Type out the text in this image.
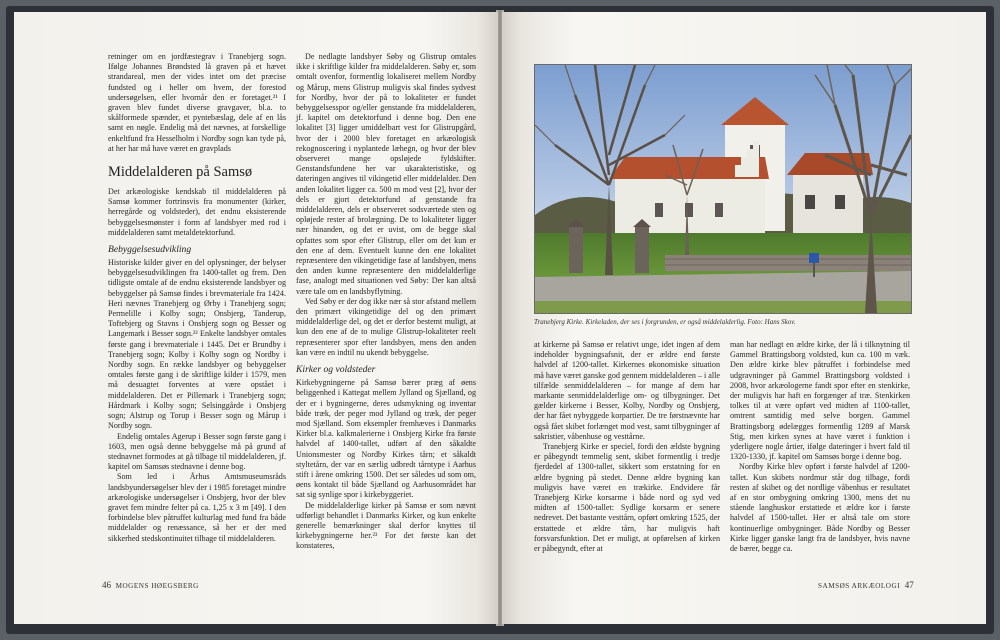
retninger om en jordfæstegrav i Tranebjerg sogn. Ifølge Johannes Brøndsted lå graven på et hævet strandareal, men der vides intet om det præcise fundsted og i heller om hvem, der forestod undersøgelsen, eller hvornår den er foretaget.²¹ I graven blev fundet diverse gravgaver, bl.a. to skålformede spænder, et pyntebæslag, dele af en lås samt en nøgle. Endelig må det nævnes, at forskellige enkeltfund fra Hesselholm i Nordby sogn kan tyde på, at her har må have været en gravplads

Middelalderen på Samsø

Det arkæologiske kendskab til middelalderen på Samsø kommer fortrinsvis fra monumenter (kirker, herregårde og voldsteder), det endnu eksisterende bebyggelsesmønster i form af landsbyer med rod i middelalderen samt metaldetektorfund.

Bebyggelsesudvikling

Historiske kilder giver en del oplysninger, der belyser bebyggelsesudviklingen fra 1400-tallet og frem. Den tidligste omtale af de endnu eksisterende landsbyer og bebyggelser på Samsø findes i brevmateriale fra 1424. Heri nævnes Tranebjerg og Ørby i Tranebjerg sogn; Permelille i Kolby sogn; Onsbjerg, Tanderup, Toftebjerg og Stavns i Onsbjerg sogn og Besser og Langemark i Besser sogn.²² Enkelte landsbyer omtales første gang i brevmateriale i 1445. Det er Brundby i Tranebjerg sogn; Kolby i Kolby sogn og Nordby i Nordby sogn. En række landsbyer og bebyggelser omtales første gang i de skriftlige kilder i 1579, men må desuagtet forventes at være opstået i middelalderen. Det er Pillemark i Tranebjerg sogn; Hårdmark i Kolby sogn; Selsinggårde i Onsbjerg sogn; Alstrup og Torup i Besser sogn og Mårup i Nordby sogn.

Endelig omtales Agerup i Besser sogn første gang i 1603, men også denne bebyggelse må på grund af stednavnet formodes at gå tilbage til middelalderen, jf. kapitel om Samsøs stednavne i denne bog.

Som led i Århus Amtsmuseumsråds landsbyundersøgelser blev der i 1985 foretaget mindre arkæologiske undersøgelser i Onsbjerg, hvor der blev gravet fem mindre felter på ca. 1,25 x 3 m [49]. I den forbindelse blev påtruffet kulturlag med fund fra både middelalder og renæssance, så her er der med sikkerhed stedskontinuitet tilbage til middelalderen.

De nedlagte landsbyer Søby og Glistrup omtales ikke i skriftlige kilder fra middelalderen. Søby er, som omtalt ovenfor, formentlig lokaliseret mellem Nordby og Mårup, mens Glistrup muligvis skal findes sydvest for Nordby, hvor der på to lokaliteter er fundet bebyggelsesspor og/eller genstande fra middelalderen, jf. kapitel om detektorfund i denne bog. Den ene lokalitet [3] ligger umiddelbart vest for Glistrupgård, hvor der i 2000 blev foretaget en arkæologisk rekognoscering i nyplantede læhegn, og hvor der blev observeret mange opsløjede fyldskifter. Genstandsfundene her var ukarakteristiske, og dateringen angives til vikingetid eller middelalder. Den anden lokalitet ligger ca. 500 m mod vest [2], hvor der dels er gjort detektorfund af genstande fra middelalderen, dels er observeret sodsværtede sten og opløjede rester af brolægning. De to lokaliteter ligger nær hinanden, og det er uvist, om de begge skal opfattes som spor efter Glistrup, eller om det kun er den ene af dem. Eventuelt kunne den ene lokalitet repræsentere den vikingetidige fase af landsbyen, mens den anden kunne repræsentere den middelalderlige fase, analogt med situationen ved Søby: Der kan altså være tale om en landsbyflytning.

Ved Søby er der dog ikke nær så stor afstand mellem den primært vikingetidige del og den primært middelalderlige del, og det er derfor bestemt muligt, at kun den ene af de to mulige Glistrup-lokaliteter reelt repræsenterer spor efter landsbyen, mens den anden kan være en indtil nu ukendt bebyggelse.

Kirker og voldsteder

Kirkebygningerne på Samsø bærer præg af øens beliggenhed i Kattegat mellem Jylland og Sjælland, og der er i bygningerne, deres udsmykning og inventar både træk, der peger mod Jylland og træk, der peger mod Sjælland. Som eksempler fremhæves i Danmarks Kirker bl.a. kalkmalerierne i Onsbjerg Kirke fra første halvdel af 1400-tallet, udført af den såkaldte Unionsmester og Nordby Kirkes tårn; et såkaldt styltetårn, der var en særlig udbredt tårntype i Aarhus stift i årene omkring 1500. Det ser således ud som om, øens kontakt til både Sjælland og Aarhusområdet har sat sig synlige spor i kirkebyggeriet.

De middelalderlige kirker på Samsø er som nævnt udførligt behandlet i Danmarks Kirker, og kun enkelte generelle bemærkninger skal derfor knyttes til kirkebygningerne her.²³ For det første kan det konstateres,

46 MOGENS HØEGSBERG
Tranebjerg Kirke. Kirkeladen, der ses i forgrunden, er også middelalderlig. Foto: Hans Skov.

at kirkerne på Samsø er relativt unge, idet ingen af dem indeholder bygningsafsnit, der er ældre end første halvdel af 1200-tallet. Kirkernes økonomiske situation må have været ganske god gennem middelalderen – i alle tilfælde senmiddelalderen – for mange af dem har markante senmiddelalderlige om- og tilbygninger. Det gælder kirkerne i Besser, Kolby, Nordby og Onsbjerg, der har fået nybyggede korpartier. De tre førstnævnte har også fået skibet forlænget mod vest, samt tilbygninger af sakristier, våbenhuse og vesttårne.

Tranebjerg Kirke er speciel, fordi den ældste bygning er påbegyndt temmelig sent, skibet formentlig i tredje fjerdedel af 1300-tallet, sikkert som erstatning for en ældre bygning på stedet. Denne ældre bygning kan muligvis have været en trækirke. Endvidere får Tranebjerg Kirke korsarme i både nord og syd ved midten af 1500-tallet: Sydlige korsarm er senere nedrevet. Det bastante vesttårn, opført omkring 1525, der erstattede et ældre tårn, har muligvis haft forsvarsfunktion. Det er muligt, at opførelsen af kirken er påbegyndt, efter at

man har nedlagt en ældre kirke, der lå i tilknytning til Gammel Brattingsborg voldsted, kun ca. 100 m væk. Den ældre kirke blev påtruffet i forbindelse med udgravninger på Gammel Brattingsborg voldsted i 2008, hvor arkæologerne fandt spor efter en stenkirke, der muligvis har haft en forgænger af træ. Stenkirken tolkes til at være opført ved midten af 1100-tallet, omtrent samtidig med selve borgen. Gammel Brattingsborg ødelægges formentlig 1289 af Marsk Stig, men kirken synes at have været i funktion i yderligere nogle årtier, ifølge dateringer i hvert fald til 1320-1330, jf. kapitel om Samsøs borge i denne bog.

Nordby Kirke blev opført i første halvdel af 1200-tallet. Kun skibets nordmur står dog tilbage, fordi resten af skibet og det nordlige våbenhus er resultatet af en stor ombygning omkring 1300, mens det nu stående langhuskor erstattede et ældre kor i første halvdel af 1500-tallet. Her er altså tale om store kontinuerlige ombygninger. Både Nordby og Besser Kirke ligger ganske langt fra de landsbyer, hvis navne de bærer, begge ca.

SAMSØS ARKÆOLOGI 47
